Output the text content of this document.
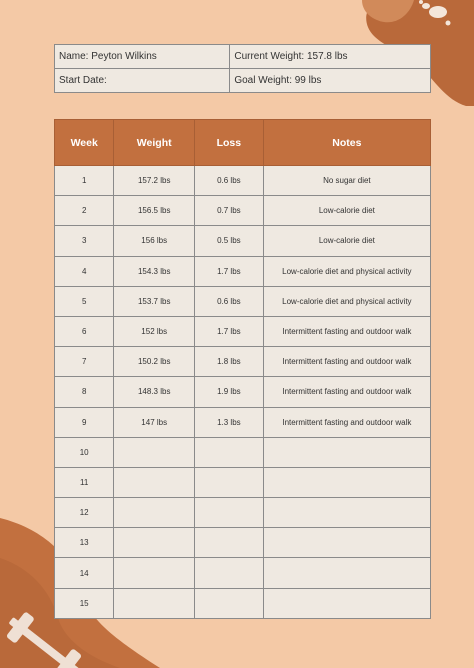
Name: Peyton Wilkins	Current Weight: 157.8 lbs
Start Date:	Goal Weight: 99 lbs
Week	Weight	Loss	Notes
1	157.2 lbs	0.6 lbs	No sugar diet
2	156.5 lbs	0.7 lbs	Low-calorie diet
3	156 lbs	0.5 lbs	Low-calorie diet
4	154.3 lbs	1.7 lbs	Low-calorie diet and physical activity
5	153.7 lbs	0.6 lbs	Low-calorie diet and physical activity
6	152 lbs	1.7 lbs	Intermittent fasting and outdoor walk
7	150.2 lbs	1.8 lbs	Intermittent fasting and outdoor walk
8	148.3 lbs	1.9 lbs	Intermittent fasting and outdoor walk
9	147 lbs	1.3 lbs	Intermittent fasting and outdoor walk
10			
11			
12			
13			
14			
15			
